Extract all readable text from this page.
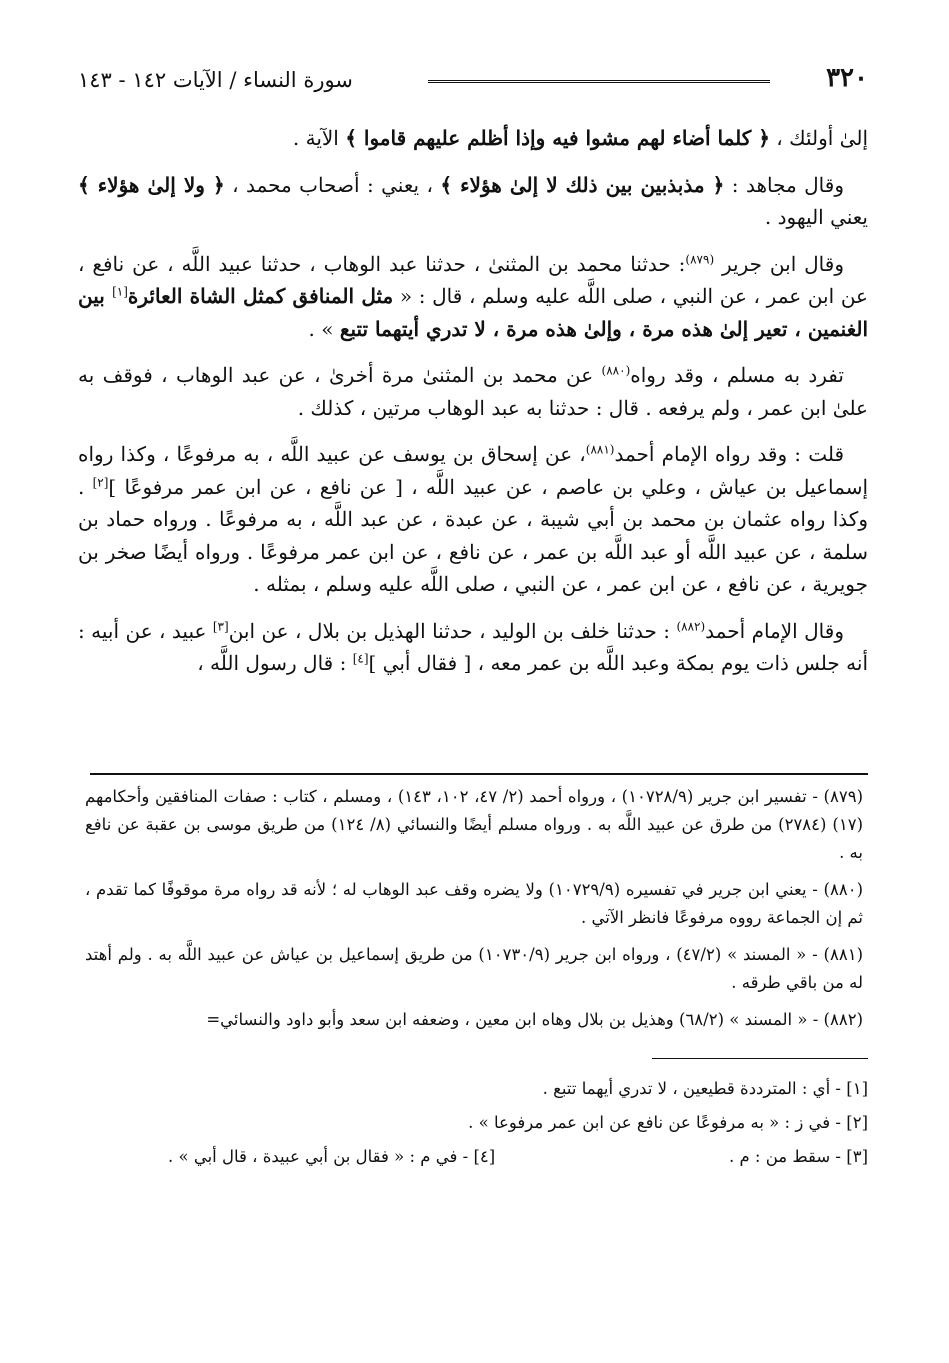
٣٢٠
سورة النساء / الآيات ١٤٢ - ١٤٣

إلىٰ أولئك ، ﴿ كلما أضاء لهم مشوا فيه وإذا أظلم عليهم قاموا ﴾ الآية .

وقال مجاهد : ﴿ مذبذبين بين ذلك لا إلىٰ هؤلاء ﴾ ، يعني : أصحاب محمد ، ﴿ ولا إلىٰ هؤلاء ﴾ يعني اليهود .

وقال ابن جرير $^{(٨٧٩)}$: حدثنا محمد بن المثنىٰ ، حدثنا عبد الوهاب ، حدثنا عبيد اللَّه ، عن نافع ، عن ابن عمر ، عن النبي ، صلى اللَّه عليه وسلم ، قال : « مثل المنافق كمثل الشاة العائرة[١] بين الغنمين ، تعير إلىٰ هذه مرة ، وإلىٰ هذه مرة ، لا تدري أيتهما تتبع » .

تفرد به مسلم ، وقد رواه$^{(٨٨٠)}$ عن محمد بن المثنىٰ مرة أخرىٰ ، عن عبد الوهاب ، فوقف به علىٰ ابن عمر ، ولم يرفعه . قال : حدثنا به عبد الوهاب مرتين ، كذلك .

قلت : وقد رواه الإمام أحمد$^{(٨٨١)}$، عن إسحاق بن يوسف عن عبيد اللَّه ، به مرفوعًا ، وكذا رواه إسماعيل بن عياش ، وعلي بن عاصم ، عن عبيد اللَّه ، [ عن نافع ، عن ابن عمر مرفوعًا ][٢] . وكذا رواه عثمان بن محمد بن أبي شيبة ، عن عبدة ، عن عبد اللَّه ، به مرفوعًا . ورواه حماد بن سلمة ، عن عبيد اللَّه أو عبد اللَّه بن عمر ، عن نافع ، عن ابن عمر مرفوعًا . ورواه أيضًا صخر بن جويرية ، عن نافع ، عن ابن عمر ، عن النبي ، صلى اللَّه عليه وسلم ، بمثله .

وقال الإمام أحمد$^{(٨٨٢)}$ : حدثنا خلف بن الوليد ، حدثنا الهذيل بن بلال ، عن ابن[٣] عبيد ، عن أبيه : أنه جلس ذات يوم بمكة وعبد اللَّه بن عمر معه ، [ فقال أبي ][٤] : قال رسول اللَّه ،

(٨٧٩) - تفسير ابن جرير (١٠٧٢٨/٩) ، ورواه أحمد (٢/ ٤٧، ١٠٢، ١٤٣) ، ومسلم ، كتاب : صفات المنافقين وأحكامهم (١٧) (٢٧٨٤) من طرق عن عبيد اللَّه به . ورواه مسلم أيضًا والنسائي (٨/ ١٢٤) من طريق موسى بن عقبة عن نافع به .

(٨٨٠) - يعني ابن جرير في تفسيره (١٠٧٢٩/٩) ولا يضره وقف عبد الوهاب له ؛ لأنه قد رواه مرة موقوفًا كما تقدم ، ثم إن الجماعة رووه مرفوعًا فانظر الآتي .

(٨٨١) - « المسند » (٤٧/٢) ، ورواه ابن جرير (١٠٧٣٠/٩) من طريق إسماعيل بن عياش عن عبيد اللَّه به . ولم أهتد له من باقي طرقه .

(٨٨٢) - « المسند » (٦٨/٢) وهذيل بن بلال وهاه ابن معين ، وضعفه ابن سعد وأبو داود والنسائي=

[١] - أي : المترددة قطيعين ، لا تدري أيهما تتبع .

[٢] - في ز : « به مرفوعًا عن نافع عن ابن عمر مرفوعا » .

[٣] - سقط من : م .

[٤] - في م : « فقال بن أبي عبيدة ، قال أبي » .
